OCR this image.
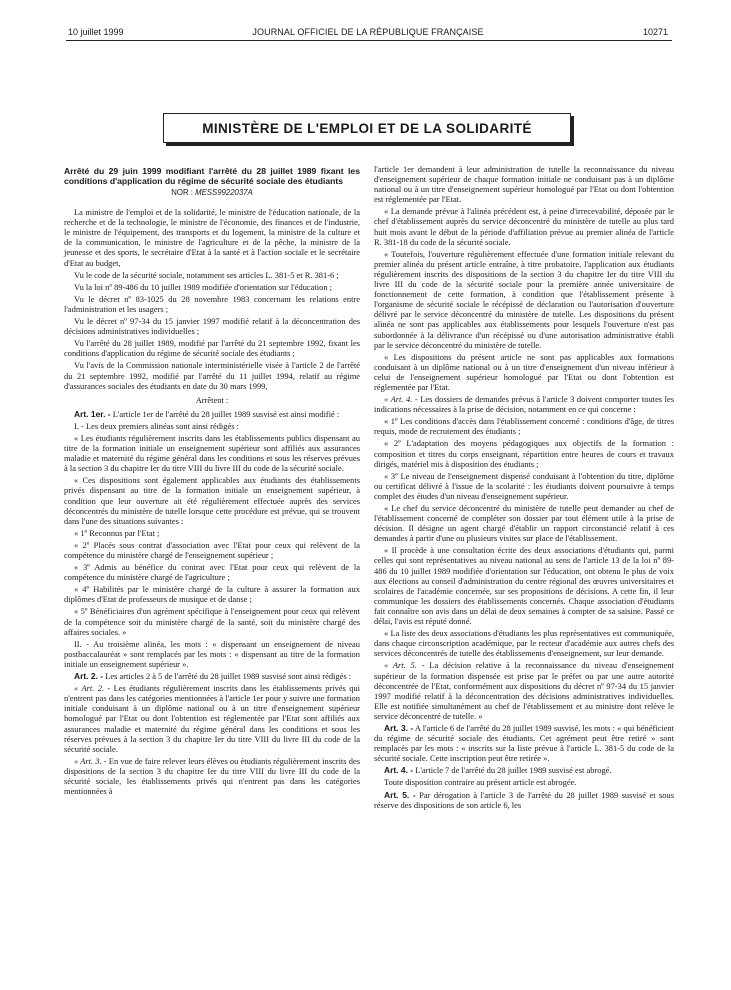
10 juillet 1999	JOURNAL OFFICIEL DE LA RÉPUBLIQUE FRANÇAISE	10271
MINISTÈRE DE L'EMPLOI ET DE LA SOLIDARITÉ

Arrêté du 29 juin 1999 modifiant l'arrêté du 28 juillet 1989 fixant les conditions d'application du régime de sécurité sociale des étudiants

NOR : MESS9922037A

La ministre de l'emploi et de la solidarité, le ministre de l'éducation nationale, de la recherche et de la technologie, le ministre de l'économie, des finances et de l'industrie, le ministre de l'équipement, des transports et du logement, la ministre de la culture et de la communication, le ministre de l'agriculture et de la pêche, la ministre de la jeunesse et des sports, le secrétaire d'Etat à la santé et à l'action sociale et le secrétaire d'Etat au budget,

Vu le code de la sécurité sociale, notamment ses articles L. 381-5 et R. 381-6 ;

Vu la loi nº 89-486 du 10 juillet 1989 modifiée d'orientation sur l'éducation ;

Vu le décret nº 83-1025 du 28 novembre 1983 concernant les relations entre l'administration et les usagers ;

Vu le décret nº 97-34 du 15 janvier 1997 modifié relatif à la déconcentration des décisions administratives individuelles ;

Vu l'arrêté du 28 juillet 1989, modifié par l'arrêté du 21 septembre 1992, fixant les conditions d'application du régime de sécurité sociale des étudiants ;

Vu l'avis de la Commission nationale interministérielle visée à l'article 2 de l'arrêté du 21 septembre 1992, modifié par l'arrêté du 11 juillet 1994, relatif au régime d'assurances sociales des étudiants en date du 30 mars 1999,

Arrêtent :

Art. 1er. - L'article 1er de l'arrêté du 28 juillet 1989 susvisé est ainsi modifié :

I. - Les deux premiers alinéas sont ainsi rédigés :

« Les étudiants régulièrement inscrits dans les établissements publics dispensant au titre de la formation initiale un enseignement supérieur sont affiliés aux assurances maladie et maternité du régime général dans les conditions et sous les réserves prévues à la section 3 du chapitre Ier du titre VIII du livre III du code de la sécurité sociale.

« Ces dispositions sont également applicables aux étudiants des établissements privés dispensant au titre de la formation initiale un enseignement supérieur, à condition que leur ouverture ait été régulièrement effectuée auprès des services déconcentrés du ministère de tutelle lorsque cette procédure est prévue, qui se trouvent dans l'une des situations suivantes :

« 1º Reconnus par l'Etat ;

« 2º Placés sous contrat d'association avec l'Etat pour ceux qui relèvent de la compétence du ministère chargé de l'enseignement supérieur ;

« 3º Admis au bénéfice du contrat avec l'Etat pour ceux qui relèvent de la compétence du ministère chargé de l'agriculture ;

« 4º Habilités par le ministère chargé de la culture à assurer la formation aux diplômes d'Etat de professeurs de musique et de danse ;

« 5º Bénéficiaires d'un agrément spécifique à l'enseignement pour ceux qui relèvent de la compétence soit du ministère chargé de la santé, soit du ministère chargé des affaires sociales. »

II. - Au troisième alinéa, les mots : « dispensant un enseignement de niveau postbaccalauréat » sont remplacés par les mots : « dispensant au titre de la formation initiale un enseignement supérieur ».

Art. 2. - Les articles 2 à 5 de l'arrêté du 28 juillet 1989 susvisé sont ainsi rédigés :

« Art. 2. - Les étudiants régulièrement inscrits dans les établissements privés qui n'entrent pas dans les catégories mentionnées à l'article 1er pour y suivre une formation initiale conduisant à un diplôme national ou à un titre d'enseignement supérieur homologué par l'Etat ou dont l'obtention est réglementée par l'Etat sont affiliés aux assurances maladie et maternité du régime général dans les conditions et sous les réserves prévues à la section 3 du chapitre Ier du titre VIII du livre III du code de la sécurité sociale.

« Art. 3. - En vue de faire relever leurs élèves ou étudiants régulièrement inscrits des dispositions de la section 3 du chapitre Ier du titre VIII du livre III du code de la sécurité sociale, les établissements privés qui n'entrent pas dans les catégories mentionnées à

l'article 1er demandent à leur administration de tutelle la reconnaissance du niveau d'enseignement supérieur de chaque formation initiale ne conduisant pas à un diplôme national ou à un titre d'enseignement supérieur homologué par l'Etat ou dont l'obtention est réglementée par l'Etat.

« La demande prévue à l'alinéa précédent est, à peine d'irrecevabilité, déposée par le chef d'établissement auprès du service déconcentré du ministère de tutelle au plus tard huit mois avant le début de la période d'affiliation prévue au premier alinéa de l'article R. 381-18 du code de la sécurité sociale.

« Toutefois, l'ouverture régulièrement effectuée d'une formation initiale relevant du premier alinéa du présent article entraîne, à titre probatoire, l'application aux étudiants régulièrement inscrits des dispositions de la section 3 du chapitre Ier du titre VIII du livre III du code de la sécurité sociale pour la première année universitaire de fonctionnement de cette formation, à condition que l'établissement présente à l'organisme de sécurité sociale le récépissé de déclaration ou l'autorisation d'ouverture délivré par le service déconcentré du ministère de tutelle. Les dispositions du présent alinéa ne sont pas applicables aux établissements pour lesquels l'ouverture n'est pas subordonnée à la délivrance d'un récépissé ou d'une autorisation administrative établi par le service déconcentré du ministère de tutelle.

« Les dispositions du présent article ne sont pas applicables aux formations conduisant à un diplôme national ou à un titre d'enseignement d'un niveau inférieur à celui de l'enseignement supérieur homologué par l'Etat ou dont l'obtention est réglementée par l'Etat.

« Art. 4. - Les dossiers de demandes prévus à l'article 3 doivent comporter toutes les indications nécessaires à la prise de décision, notamment en ce qui concerne :

« 1º Les conditions d'accès dans l'établissement concerné : conditions d'âge, de titres requis, mode de recrutement des étudiants ;

« 2º L'adaptation des moyens pédagogiques aux objectifs de la formation : composition et titres du corps enseignant, répartition entre heures de cours et travaux dirigés, matériel mis à disposition des étudiants ;

« 3º Le niveau de l'enseignement dispensé conduisant à l'obtention du titre, diplôme ou certificat délivré à l'issue de la scolarité : les étudiants doivent poursuivre à temps complet des études d'un niveau d'enseignement supérieur.

« Le chef du service déconcentré du ministère de tutelle peut demander au chef de l'établissement concerné de compléter son dossier par tout élément utile à la prise de décision. Il désigne un agent chargé d'établir un rapport circonstancié relatif à ces demandes à partir d'une ou plusieurs visites sur place de l'établissement.

« Il procède à une consultation écrite des deux associations d'étudiants qui, parmi celles qui sont représentatives au niveau national au sens de l'article 13 de la loi nº 89-486 du 10 juillet 1989 modifiée d'orientation sur l'éducation, ont obtenu le plus de voix aux élections au conseil d'administration du centre régional des œuvres universitaires et scolaires de l'académie concernée, sur ses propositions de décisions. A cette fin, il leur communique les dossiers des établissements concernés. Chaque association d'étudiants fait connaître son avis dans un délai de deux semaines à compter de sa saisine. Passé ce délai, l'avis est réputé donné.

« La liste des deux associations d'étudiants les plus représentatives est communiquée, dans chaque circonscription académique, par le recteur d'académie aux autres chefs des services déconcentrés de tutelle des établissements d'enseignement, sur leur demande.

« Art. 5. - La décision relative à la reconnaissance du niveau d'enseignement supérieur de la formation dispensée est prise par le préfet ou par une autre autorité déconcentrée de l'Etat, conformément aux dispositions du décret nº 97-34 du 15 janvier 1997 modifié relatif à la déconcentration des décisions administratives individuelles. Elle est notifiée simultanément au chef de l'établissement et au ministre dont relève le service déconcentré de tutelle. »

Art. 3. - A l'article 6 de l'arrêté du 28 juillet 1989 susvisé, les mots : « qui bénéficient du régime de sécurité sociale des étudiants. Cet agrément peut être retiré » sont remplacés par les mots : « inscrits sur la liste prévue à l'article L. 381-5 du code de la sécurité sociale. Cette inscription peut être retirée ».

Art. 4. - L'article 7 de l'arrêté du 28 juillet 1989 susvisé est abrogé.

Toute disposition contraire au présent article est abrogée.

Art. 5. - Par dérogation à l'article 3 de l'arrêté du 28 juillet 1989 susvisé et sous réserve des dispositions de son article 6, les
